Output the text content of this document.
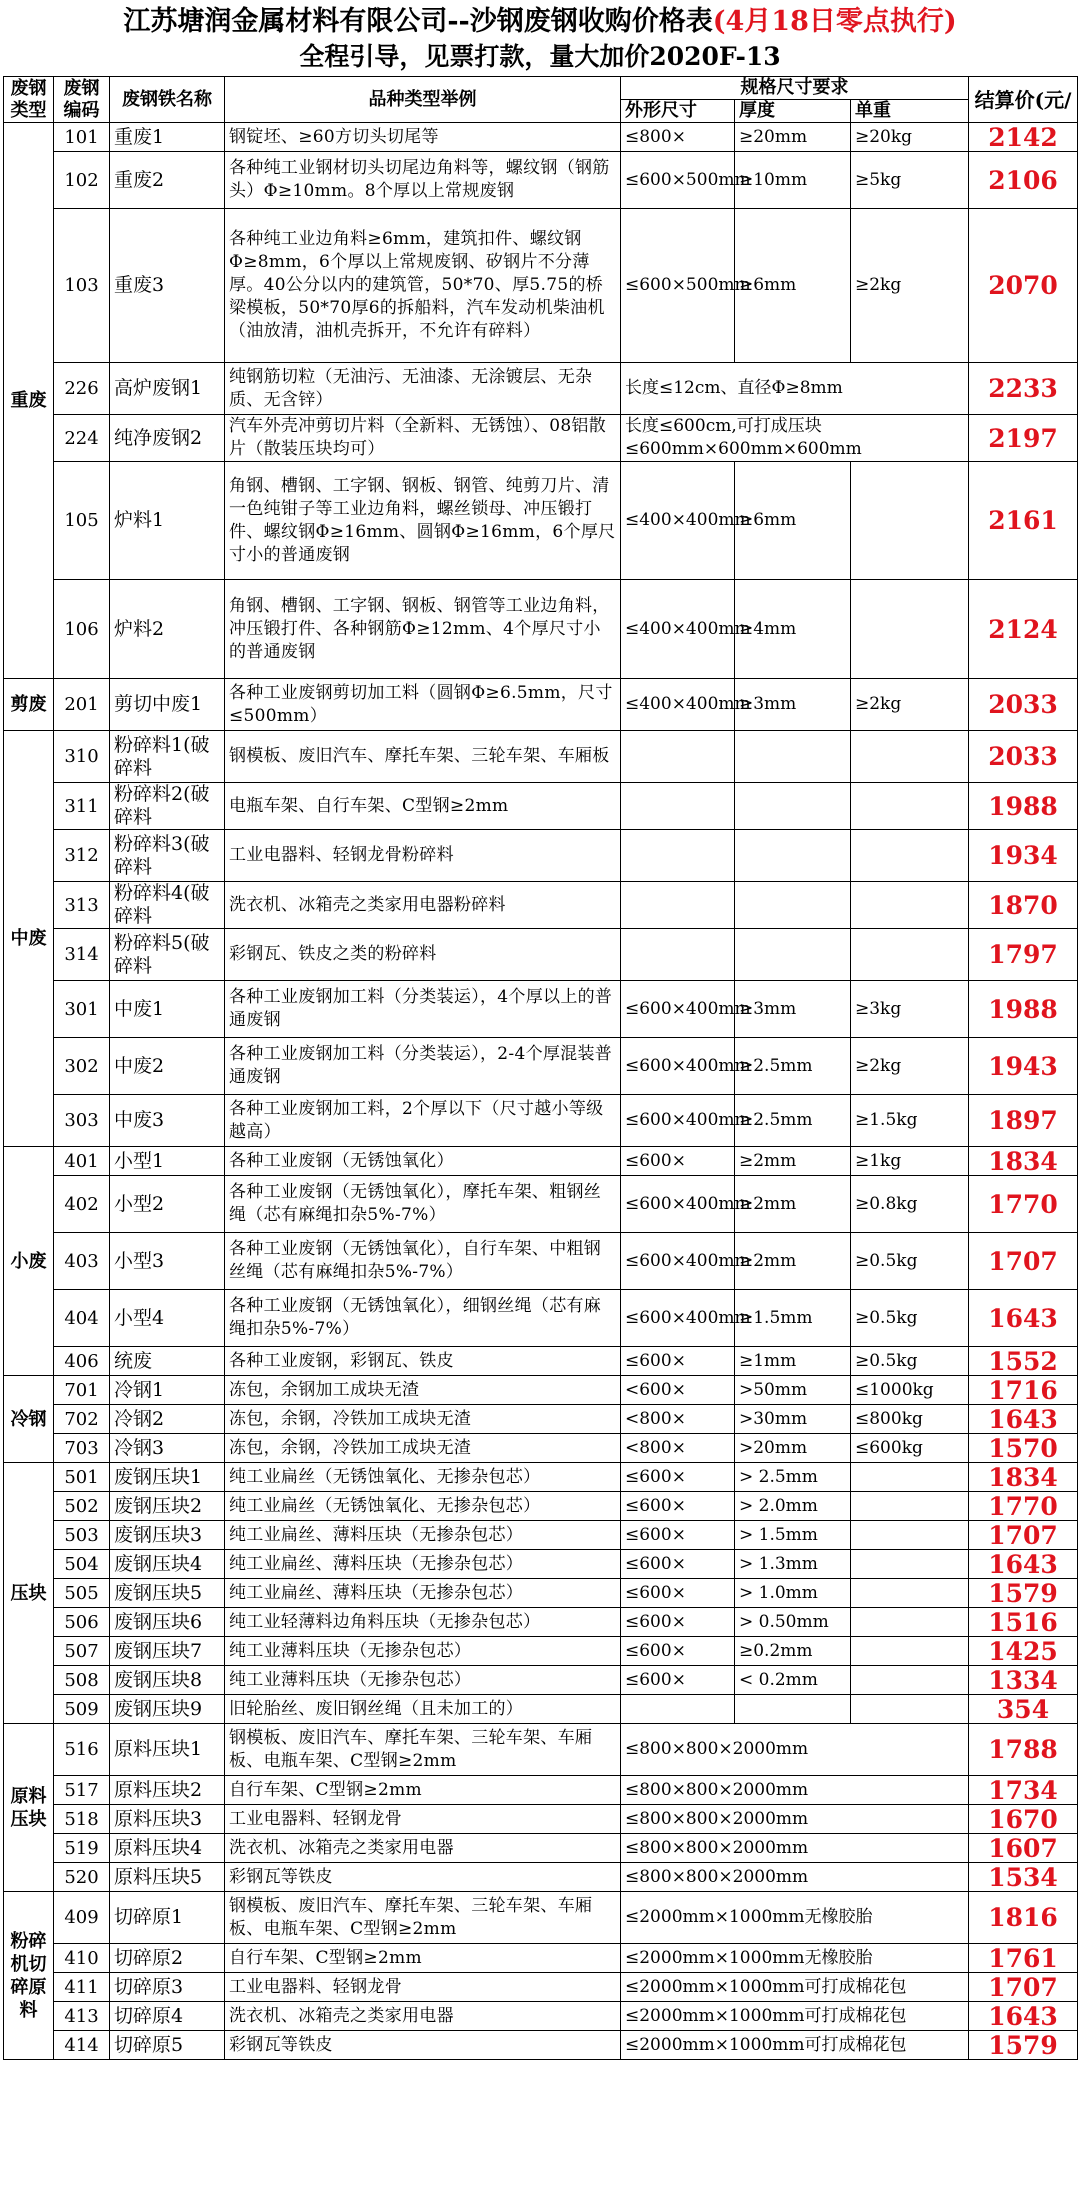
江苏塘润金属材料有限公司--沙钢废钢收购价格表(4月18日零点执行)
全程引导，见票打款，量大加价2020F-13
废钢类型	废钢编码	废钢铁名称	品种类型举例	规格尺寸要求			结算价(元/
				外形尺寸	厚度	单重	
重废	101	重废1	钢锭坯、≥60方切头切尾等	≤800×	≥20mm	≥20kg	2142
	102	重废2	各种纯工业钢材切头切尾边角料等，螺纹钢（钢筋头）Φ≥10mm。8个厚以上常规废钢	≤600×500mm	≥10mm	≥5kg	2106
	103	重废3	各种纯工业边角料≥6mm，建筑扣件、螺纹钢Φ≥8mm，6个厚以上常规废钢、矽钢片不分薄厚。40公分以内的建筑管，50*70、厚5.75的桥梁模板，50*70厚6的拆船料，汽车发动机柴油机（油放清，油机壳拆开，不允许有碎料）	≤600×500mm	≥6mm	≥2kg	2070
	226	高炉废钢1	纯钢筋切粒（无油污、无油漆、无涂镀层、无杂质、无含锌）	长度≤12cm、直径Φ≥8mm			2233
	224	纯净废钢2	汽车外壳冲剪切片料（全新料、无锈蚀）、08铝散片（散装压块均可）	长度≤600cm,可打成压块≤600mm×600mm×600mm			2197
	105	炉料1	角钢、槽钢、工字钢、钢板、钢管、纯剪刀片、清一色纯钳子等工业边角料，螺丝锁母、冲压锻打件、螺纹钢Φ≥16mm、圆钢Φ≥16mm，6个厚尺寸小的普通废钢	≤400×400mm	≥6mm		2161
	106	炉料2	角钢、槽钢、工字钢、钢板、钢管等工业边角料，冲压锻打件、各种钢筋Φ≥12mm、4个厚尺寸小的普通废钢	≤400×400mm	≥4mm		2124
剪废	201	剪切中废1	各种工业废钢剪切加工料（圆钢Φ≥6.5mm，尺寸≤500mm）	≤400×400mm	≥3mm	≥2kg	2033
中废	310	粉碎料1(破碎料	钢模板、废旧汽车、摩托车架、三轮车架、车厢板				2033
	311	粉碎料2(破碎料	电瓶车架、自行车架、C型钢≥2mm				1988
	312	粉碎料3(破碎料	工业电器料、轻钢龙骨粉碎料				1934
	313	粉碎料4(破碎料	洗衣机、冰箱壳之类家用电器粉碎料				1870
	314	粉碎料5(破碎料	彩钢瓦、铁皮之类的粉碎料				1797
	301	中废1	各种工业废钢加工料（分类装运），4个厚以上的普通废钢	≤600×400mm	≥3mm	≥3kg	1988
	302	中废2	各种工业废钢加工料（分类装运），2-4个厚混装普通废钢	≤600×400mm	≥2.5mm	≥2kg	1943
	303	中废3	各种工业废钢加工料，2个厚以下（尺寸越小等级越高）	≤600×400mm	≥2.5mm	≥1.5kg	1897
小废	401	小型1	各种工业废钢（无锈蚀氧化）	≤600×	≥2mm	≥1kg	1834
	402	小型2	各种工业废钢（无锈蚀氧化），摩托车架、粗钢丝绳（芯有麻绳扣杂5%-7%）	≤600×400mm	≥2mm	≥0.8kg	1770
	403	小型3	各种工业废钢（无锈蚀氧化），自行车架、中粗钢丝绳（芯有麻绳扣杂5%-7%）	≤600×400mm	≥2mm	≥0.5kg	1707
	404	小型4	各种工业废钢（无锈蚀氧化），细钢丝绳（芯有麻绳扣杂5%-7%）	≤600×400mm	≥1.5mm	≥0.5kg	1643
	406	统废	各种工业废钢，彩钢瓦、铁皮	≤600×	≥1mm	≥0.5kg	1552
冷钢	701	冷钢1	冻包，余钢加工成块无渣	<600×	>50mm	≤1000kg	1716
	702	冷钢2	冻包，余钢，冷铁加工成块无渣	<800×	>30mm	≤800kg	1643
	703	冷钢3	冻包，余钢，冷铁加工成块无渣	<800×	>20mm	≤600kg	1570
压块	501	废钢压块1	纯工业扁丝（无锈蚀氧化、无掺杂包芯）	≤600×	> 2.5mm		1834
	502	废钢压块2	纯工业扁丝（无锈蚀氧化、无掺杂包芯）	≤600×	> 2.0mm		1770
	503	废钢压块3	纯工业扁丝、薄料压块（无掺杂包芯）	≤600×	> 1.5mm		1707
	504	废钢压块4	纯工业扁丝、薄料压块（无掺杂包芯）	≤600×	> 1.3mm		1643
	505	废钢压块5	纯工业扁丝、薄料压块（无掺杂包芯）	≤600×	> 1.0mm		1579
	506	废钢压块6	纯工业轻薄料边角料压块（无掺杂包芯）	≤600×	> 0.50mm		1516
	507	废钢压块7	纯工业薄料压块（无掺杂包芯）	≤600×	≥0.2mm		1425
	508	废钢压块8	纯工业薄料压块（无掺杂包芯）	≤600×	< 0.2mm		1334
	509	废钢压块9	旧轮胎丝、废旧钢丝绳（且未加工的）				354
原料压块	516	原料压块1	钢模板、废旧汽车、摩托车架、三轮车架、车厢板、电瓶车架、C型钢≥2mm	≤800×800×2000mm			1788
	517	原料压块2	自行车架、C型钢≥2mm	≤800×800×2000mm			1734
	518	原料压块3	工业电器料、轻钢龙骨	≤800×800×2000mm			1670
	519	原料压块4	洗衣机、冰箱壳之类家用电器	≤800×800×2000mm			1607
	520	原料压块5	彩钢瓦等铁皮	≤800×800×2000mm			1534
粉碎机切碎原料	409	切碎原1	钢模板、废旧汽车、摩托车架、三轮车架、车厢板、电瓶车架、C型钢≥2mm	≤2000mm×1000mm无橡胶胎			1816
	410	切碎原2	自行车架、C型钢≥2mm	≤2000mm×1000mm无橡胶胎			1761
	411	切碎原3	工业电器料、轻钢龙骨	≤2000mm×1000mm可打成棉花包			1707
	413	切碎原4	洗衣机、冰箱壳之类家用电器	≤2000mm×1000mm可打成棉花包			1643
	414	切碎原5	彩钢瓦等铁皮	≤2000mm×1000mm可打成棉花包			1579
